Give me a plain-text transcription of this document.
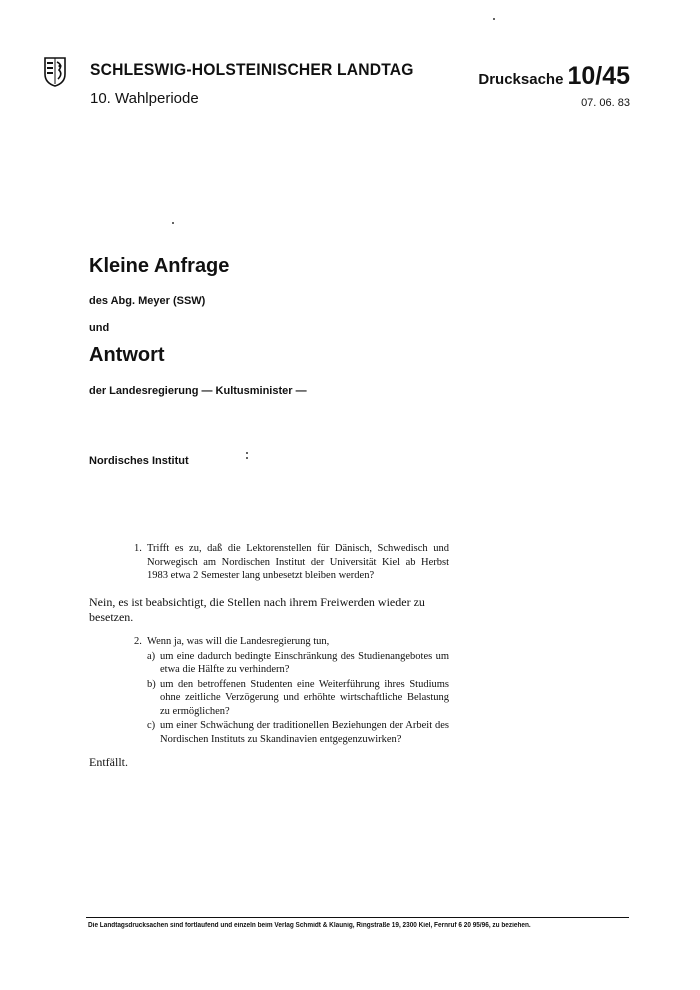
SCHLESWIG-HOLSTEINISCHER LANDTAG
10. Wahlperiode
Drucksache 10/45
07. 06. 83
Kleine Anfrage
des Abg. Meyer (SSW)
und
Antwort
der Landesregierung — Kultusminister —
Nordisches Institut
1. Trifft es zu, daß die Lektorenstellen für Dänisch, Schwedisch und Norwegisch am Nordischen Institut der Universität Kiel ab Herbst 1983 etwa 2 Semester lang unbesetzt bleiben werden?
Nein, es ist beabsichtigt, die Stellen nach ihrem Freiwerden wieder zu besetzen.
2. Wenn ja, was will die Landesregierung tun,
a) um eine dadurch bedingte Einschränkung des Studienangebotes um etwa die Hälfte zu verhindern?
b) um den betroffenen Studenten eine Weiterführung ihres Studiums ohne zeitliche Verzögerung und erhöhte wirtschaftliche Belastung zu ermöglichen?
c) um einer Schwächung der traditionellen Beziehungen der Arbeit des Nordischen Instituts zu Skandinavien entgegenzuwirken?
Entfällt.
Die Landtagsdrucksachen sind fortlaufend und einzeln beim Verlag Schmidt & Klaunig, Ringstraße 19, 2300 Kiel, Fernruf 6 20 95/96, zu beziehen.
